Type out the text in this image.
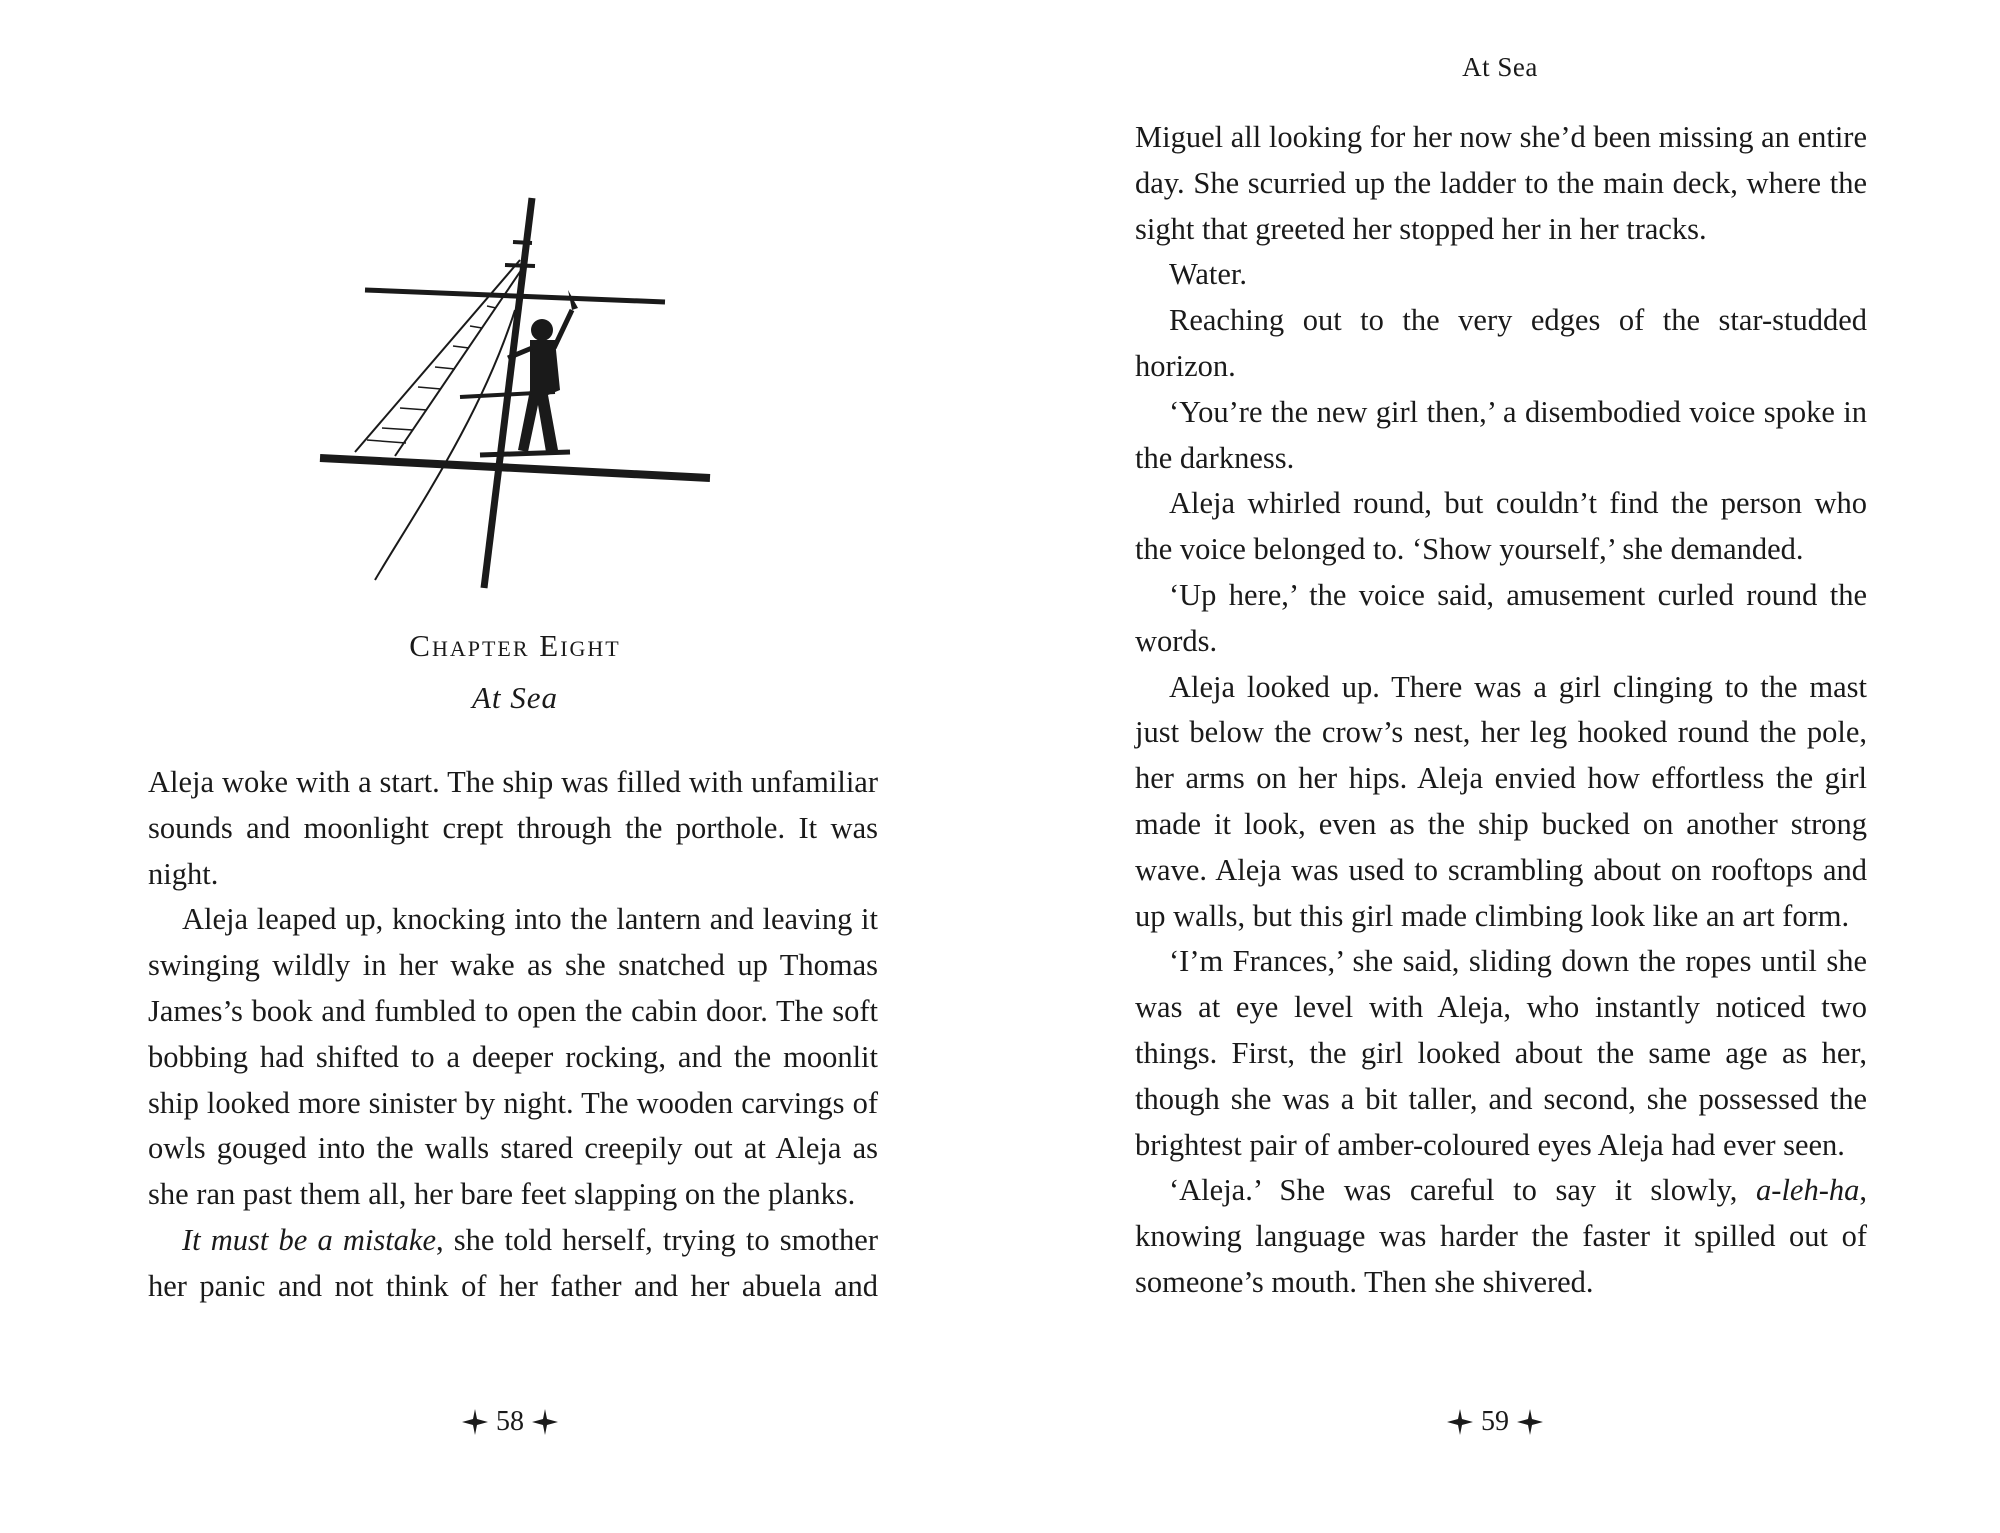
Chapter Eight
At Sea

Aleja woke with a start. The ship was filled with unfamiliar sounds and moonlight crept through the porthole. It was night.

Aleja leaped up, knocking into the lantern and leaving it swinging wildly in her wake as she snatched up Thomas James’s book and fumbled to open the cabin door. The soft bobbing had shifted to a deeper rocking, and the moonlit ship looked more sinister by night. The wooden carvings of owls gouged into the walls stared creepily out at Aleja as she ran past them all, her bare feet slapping on the planks.

It must be a mistake, she told herself, trying to smother her panic and not think of her father and her abuela and

58
At Sea

Miguel all looking for her now she’d been missing an entire day. She scurried up the ladder to the main deck, where the sight that greeted her stopped her in her tracks.

Water.

Reaching out to the very edges of the star-studded horizon.

‘You’re the new girl then,’ a disembodied voice spoke in the darkness.

Aleja whirled round, but couldn’t find the person who the voice belonged to. ‘Show yourself,’ she demanded.

‘Up here,’ the voice said, amusement curled round the words.

Aleja looked up. There was a girl clinging to the mast just below the crow’s nest, her leg hooked round the pole, her arms on her hips. Aleja envied how effortless the girl made it look, even as the ship bucked on another strong wave. Aleja was used to scrambling about on rooftops and up walls, but this girl made climbing look like an art form.

‘I’m Frances,’ she said, sliding down the ropes until she was at eye level with Aleja, who instantly noticed two things. First, the girl looked about the same age as her, though she was a bit taller, and second, she possessed the brightest pair of amber-coloured eyes Aleja had ever seen.

‘Aleja.’ She was careful to say it slowly, a-leh-ha, knowing language was harder the faster it spilled out of someone’s mouth. Then she shivered.

59
